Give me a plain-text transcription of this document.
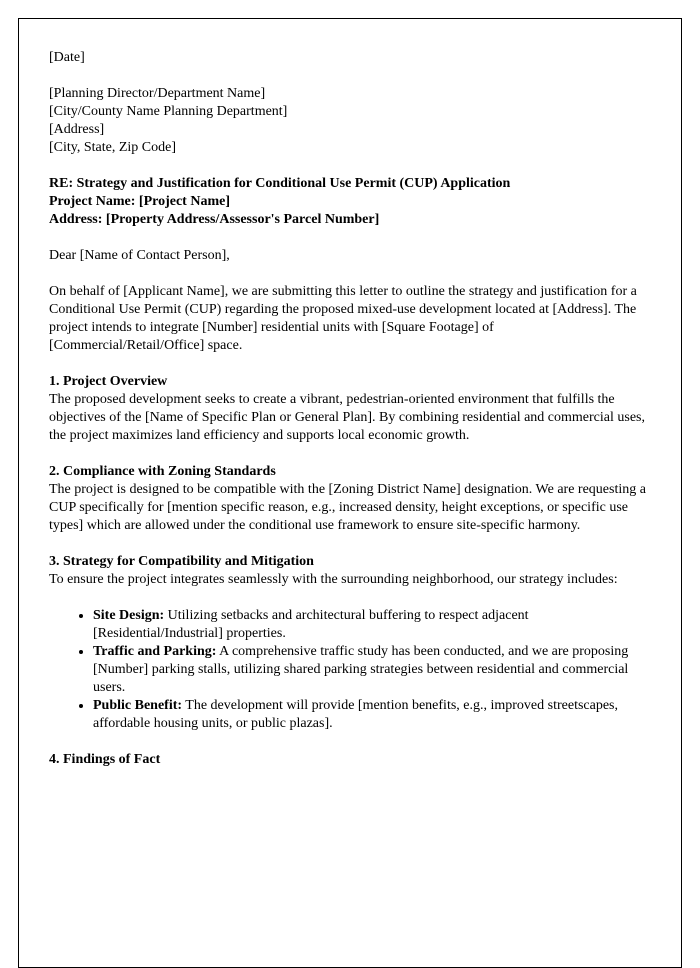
[Date]

[Planning Director/Department Name]

[City/County Name Planning Department]

[Address]

[City, State, Zip Code]

RE: Strategy and Justification for Conditional Use Permit (CUP) Application

Project Name: [Project Name]

Address: [Property Address/Assessor's Parcel Number]

Dear [Name of Contact Person],

On behalf of [Applicant Name], we are submitting this letter to outline the strategy and justification for a Conditional Use Permit (CUP) regarding the proposed mixed-use development located at [Address]. The project intends to integrate [Number] residential units with [Square Footage] of [Commercial/Retail/Office] space.

1. Project Overview

The proposed development seeks to create a vibrant, pedestrian-oriented environment that fulfills the objectives of the [Name of Specific Plan or General Plan]. By combining residential and commercial uses, the project maximizes land efficiency and supports local economic growth.

2. Compliance with Zoning Standards

The project is designed to be compatible with the [Zoning District Name] designation. We are requesting a CUP specifically for [mention specific reason, e.g., increased density, height exceptions, or specific use types] which are allowed under the conditional use framework to ensure site-specific harmony.

3. Strategy for Compatibility and Mitigation

To ensure the project integrates seamlessly with the surrounding neighborhood, our strategy includes:

• Site Design: Utilizing setbacks and architectural buffering to respect adjacent [Residential/Industrial] properties.
• Traffic and Parking: A comprehensive traffic study has been conducted, and we are proposing [Number] parking stalls, utilizing shared parking strategies between residential and commercial users.
• Public Benefit: The development will provide [mention benefits, e.g., improved streetscapes, affordable housing units, or public plazas].

4. Findings of Fact
